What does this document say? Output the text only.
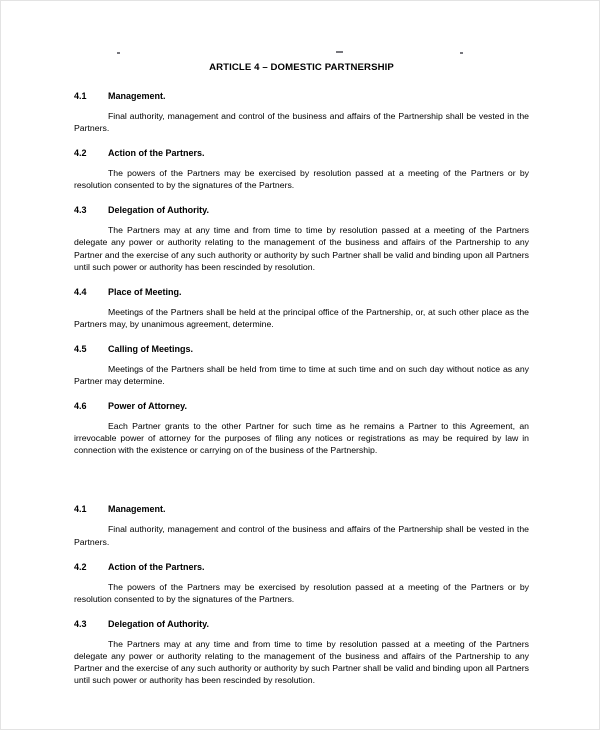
ARTICLE 4 – DOMESTIC PARTNERSHIP
4.1 Management.

Final authority, management and control of the business and affairs of the Partnership shall be vested in the Partners.

4.2 Action of the Partners.

The powers of the Partners may be exercised by resolution passed at a meeting of the Partners or by resolution consented to by the signatures of the Partners.

4.3 Delegation of Authority.

The Partners may at any time and from time to time by resolution passed at a meeting of the Partners delegate any power or authority relating to the management of the business and affairs of the Partnership to any Partner and the exercise of any such authority or authority by such Partner shall be valid and binding upon all Partners until such power or authority has been rescinded by resolution.

4.4 Place of Meeting.

Meetings of the Partners shall be held at the principal office of the Partnership, or, at such other place as the Partners may, by unanimous agreement, determine.

4.5 Calling of Meetings.

Meetings of the Partners shall be held from time to time at such time and on such day without notice as any Partner may determine.

4.6 Power of Attorney.

Each Partner grants to the other Partner for such time as he remains a Partner to this Agreement, an irrevocable power of attorney for the purposes of filing any notices or registrations as may be required by law in connection with the existence or carrying on of the business of the Partnership.

4.1 Management.

Final authority, management and control of the business and affairs of the Partnership shall be vested in the Partners.

4.2 Action of the Partners.

The powers of the Partners may be exercised by resolution passed at a meeting of the Partners or by resolution consented to by the signatures of the Partners.

4.3 Delegation of Authority.

The Partners may at any time and from time to time by resolution passed at a meeting of the Partners delegate any power or authority relating to the management of the business and affairs of the Partnership to any Partner and the exercise of any such authority or authority by such Partner shall be valid and binding upon all Partners until such power or authority has been rescinded by resolution.
